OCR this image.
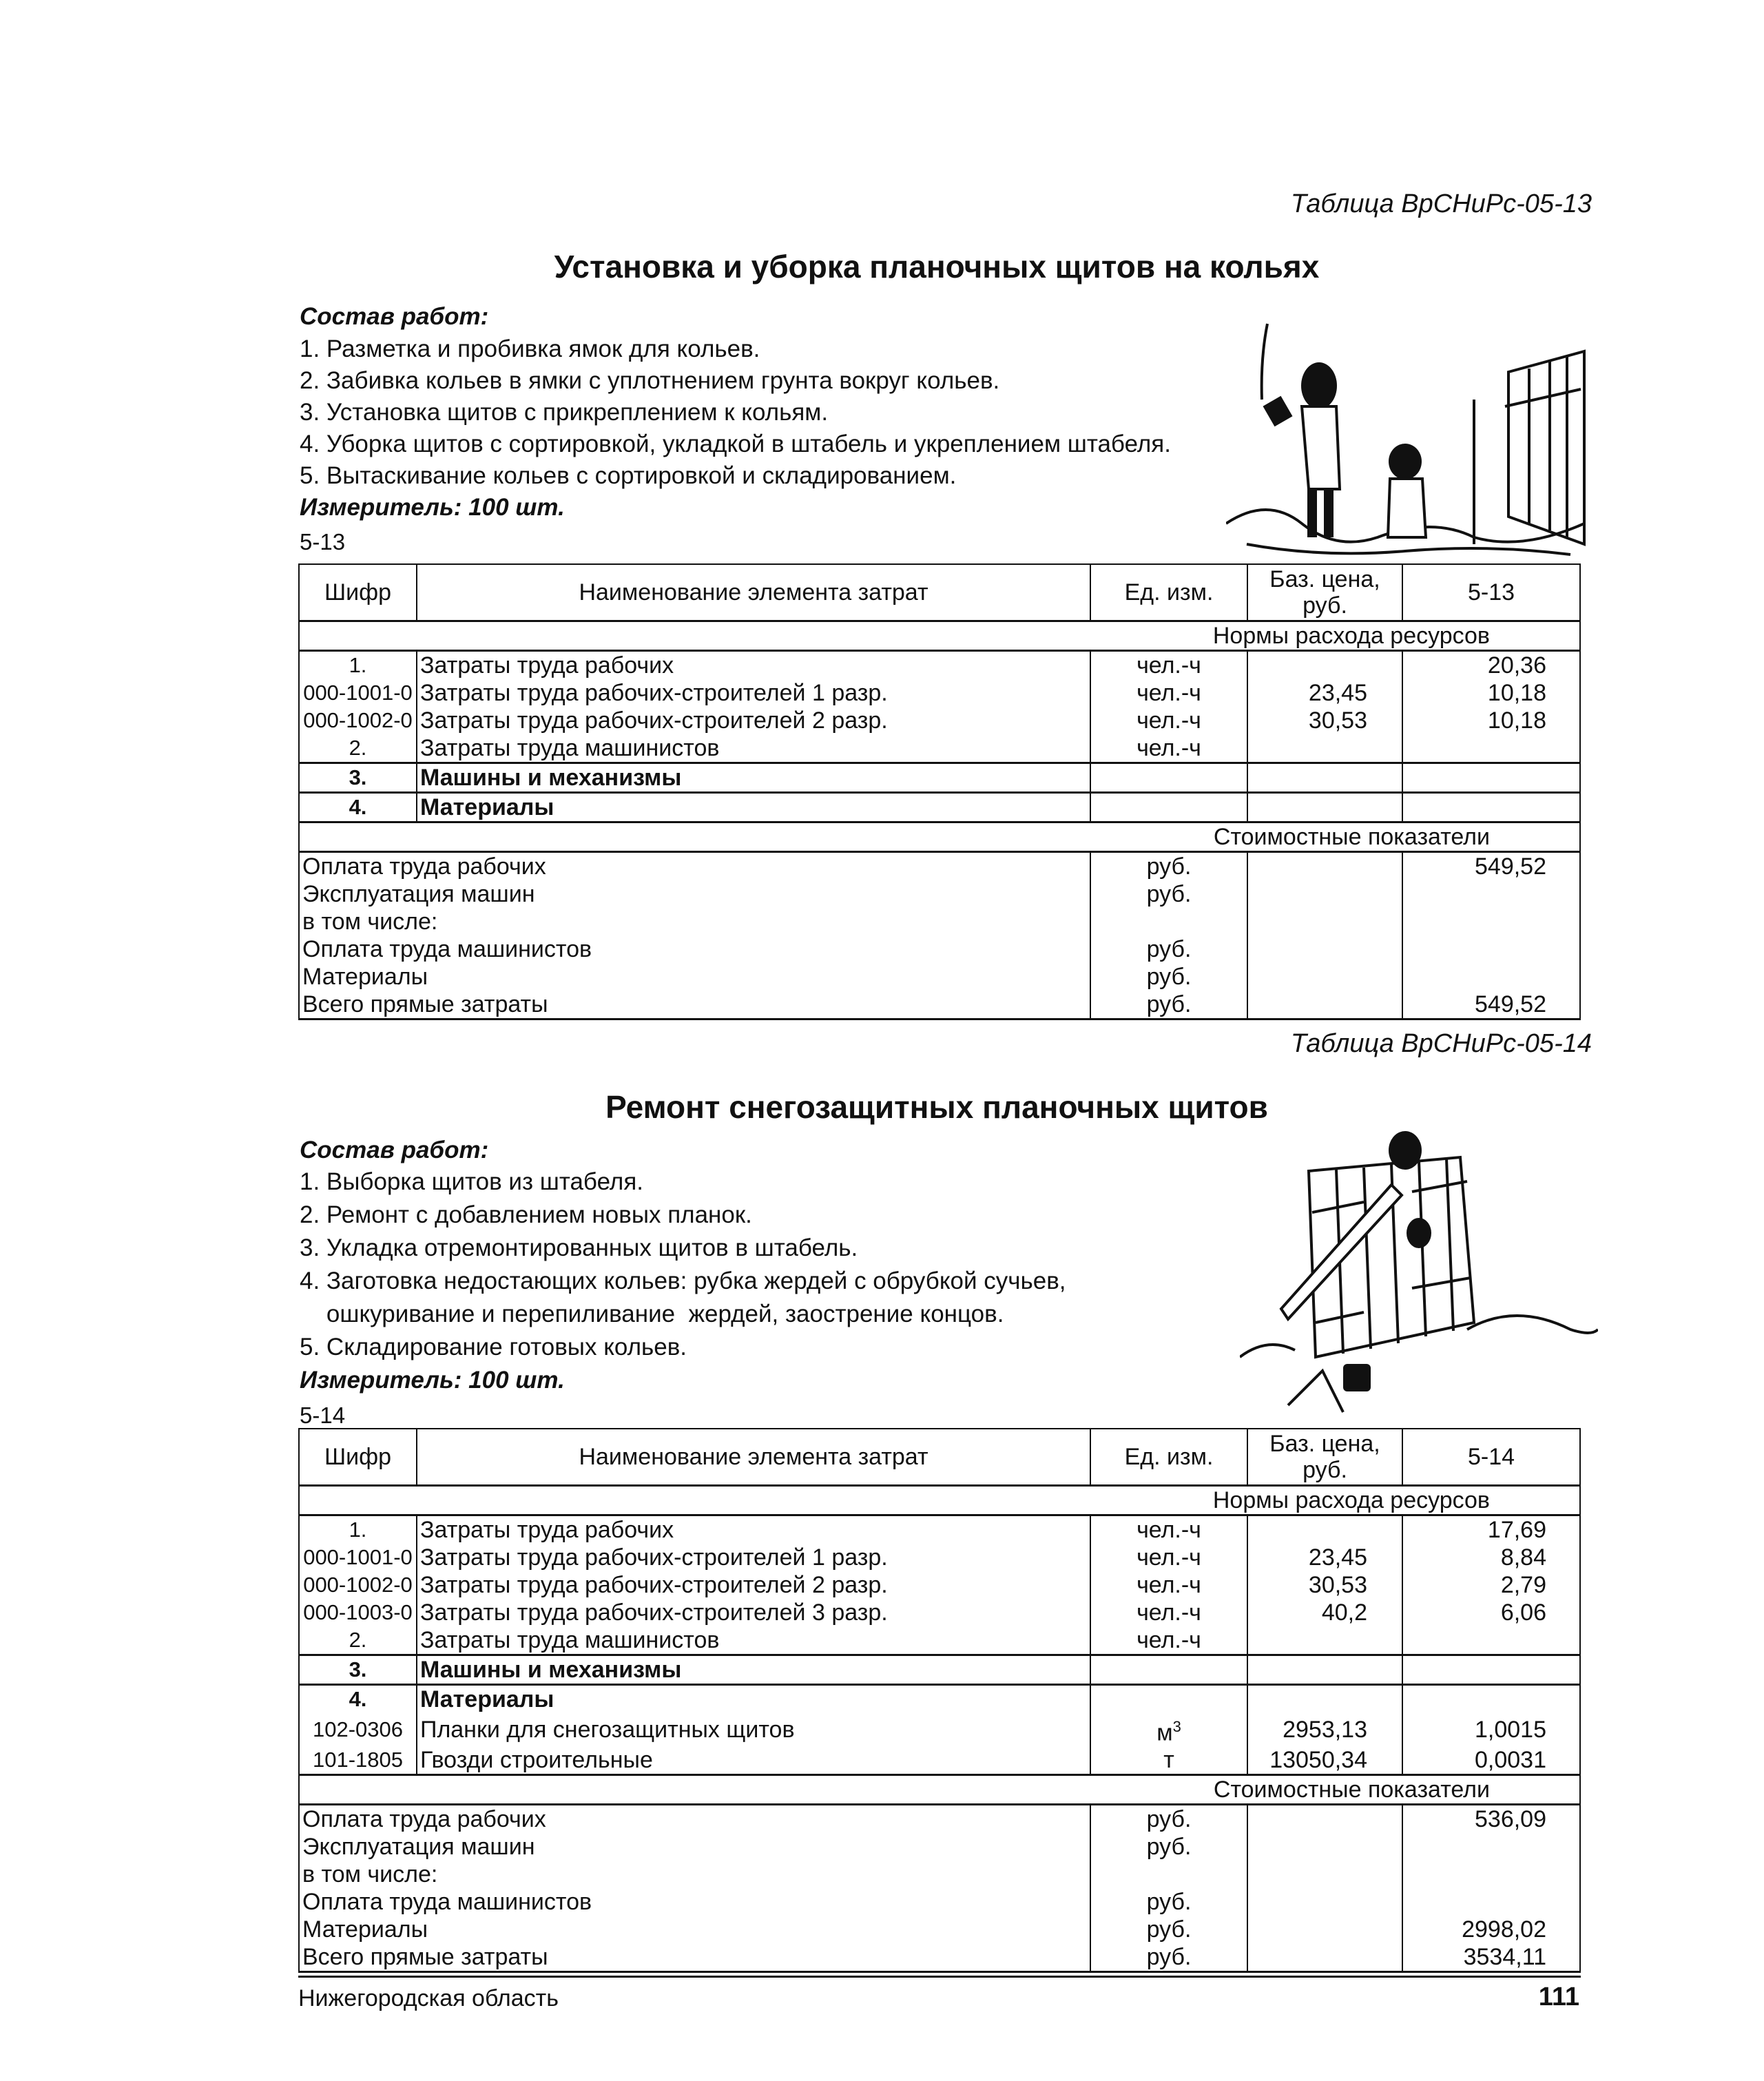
Таблица ВрСНиРс-05-13
Установка и уборка планочных щитов на кольях
Состав работ:
1. Разметка и пробивка ямок для кольев.
2. Забивка кольев в ямки с уплотнением грунта вокруг кольев.
3. Установка щитов с прикреплением к кольям.
4. Уборка щитов с сортировкой, укладкой в штабель и укреплением штабеля.
5. Вытаскивание кольев с сортировкой и складированием.
Измеритель: 100 шт.
5-13
Шифр	Наименование элемента затрат	Ед. изм.	Баз. цена, руб.	5-13
Нормы расхода ресурсов				
1.	Затраты труда рабочих	чел.-ч		20,36
000-1001-0	Затраты труда рабочих-строителей 1 разр.	чел.-ч	23,45	10,18
000-1002-0	Затраты труда рабочих-строителей 2 разр.	чел.-ч	30,53	10,18
2.	Затраты труда машинистов	чел.-ч		
3.	Машины и механизмы			
4.	Материалы			
Стоимостные показатели				
Оплата труда рабочих		руб.		549,52
Эксплуатация машин		руб.		
в том числе:				
Оплата труда машинистов		руб.		
Материалы		руб.		
Всего прямые затраты		руб.		549,52
Таблица ВрСНиРс-05-14
Ремонт снегозащитных планочных щитов
Состав работ:
1. Выборка щитов из штабеля.
2. Ремонт с добавлением новых планок.
3. Укладка отремонтированных щитов в штабель.
4. Заготовка недостающих кольев: рубка жердей с обрубкой сучьев,
ошкуривание и перепиливание  жердей, заострение концов.
5. Складирование готовых кольев.
Измеритель: 100 шт.
5-14
Шифр	Наименование элемента затрат	Ед. изм.	Баз. цена, руб.	5-14
Нормы расхода ресурсов				
1.	Затраты труда рабочих	чел.-ч		17,69
000-1001-0	Затраты труда рабочих-строителей 1 разр.	чел.-ч	23,45	8,84
000-1002-0	Затраты труда рабочих-строителей 2 разр.	чел.-ч	30,53	2,79
000-1003-0	Затраты труда рабочих-строителей 3 разр.	чел.-ч	40,2	6,06
2.	Затраты труда машинистов	чел.-ч		
3.	Машины и механизмы			
4.	Материалы			
102-0306	Планки для снегозащитных щитов	$м^3$	2953,13	1,0015
101-1805	Гвозди строительные	т	13050,34	0,0031
Стоимостные показатели				
Оплата труда рабочих		руб.		536,09
Эксплуатация машин		руб.		
в том числе:				
Оплата труда машинистов		руб.		
Материалы		руб.		2998,02
Всего прямые затраты		руб.		3534,11
Нижегородская область	111
